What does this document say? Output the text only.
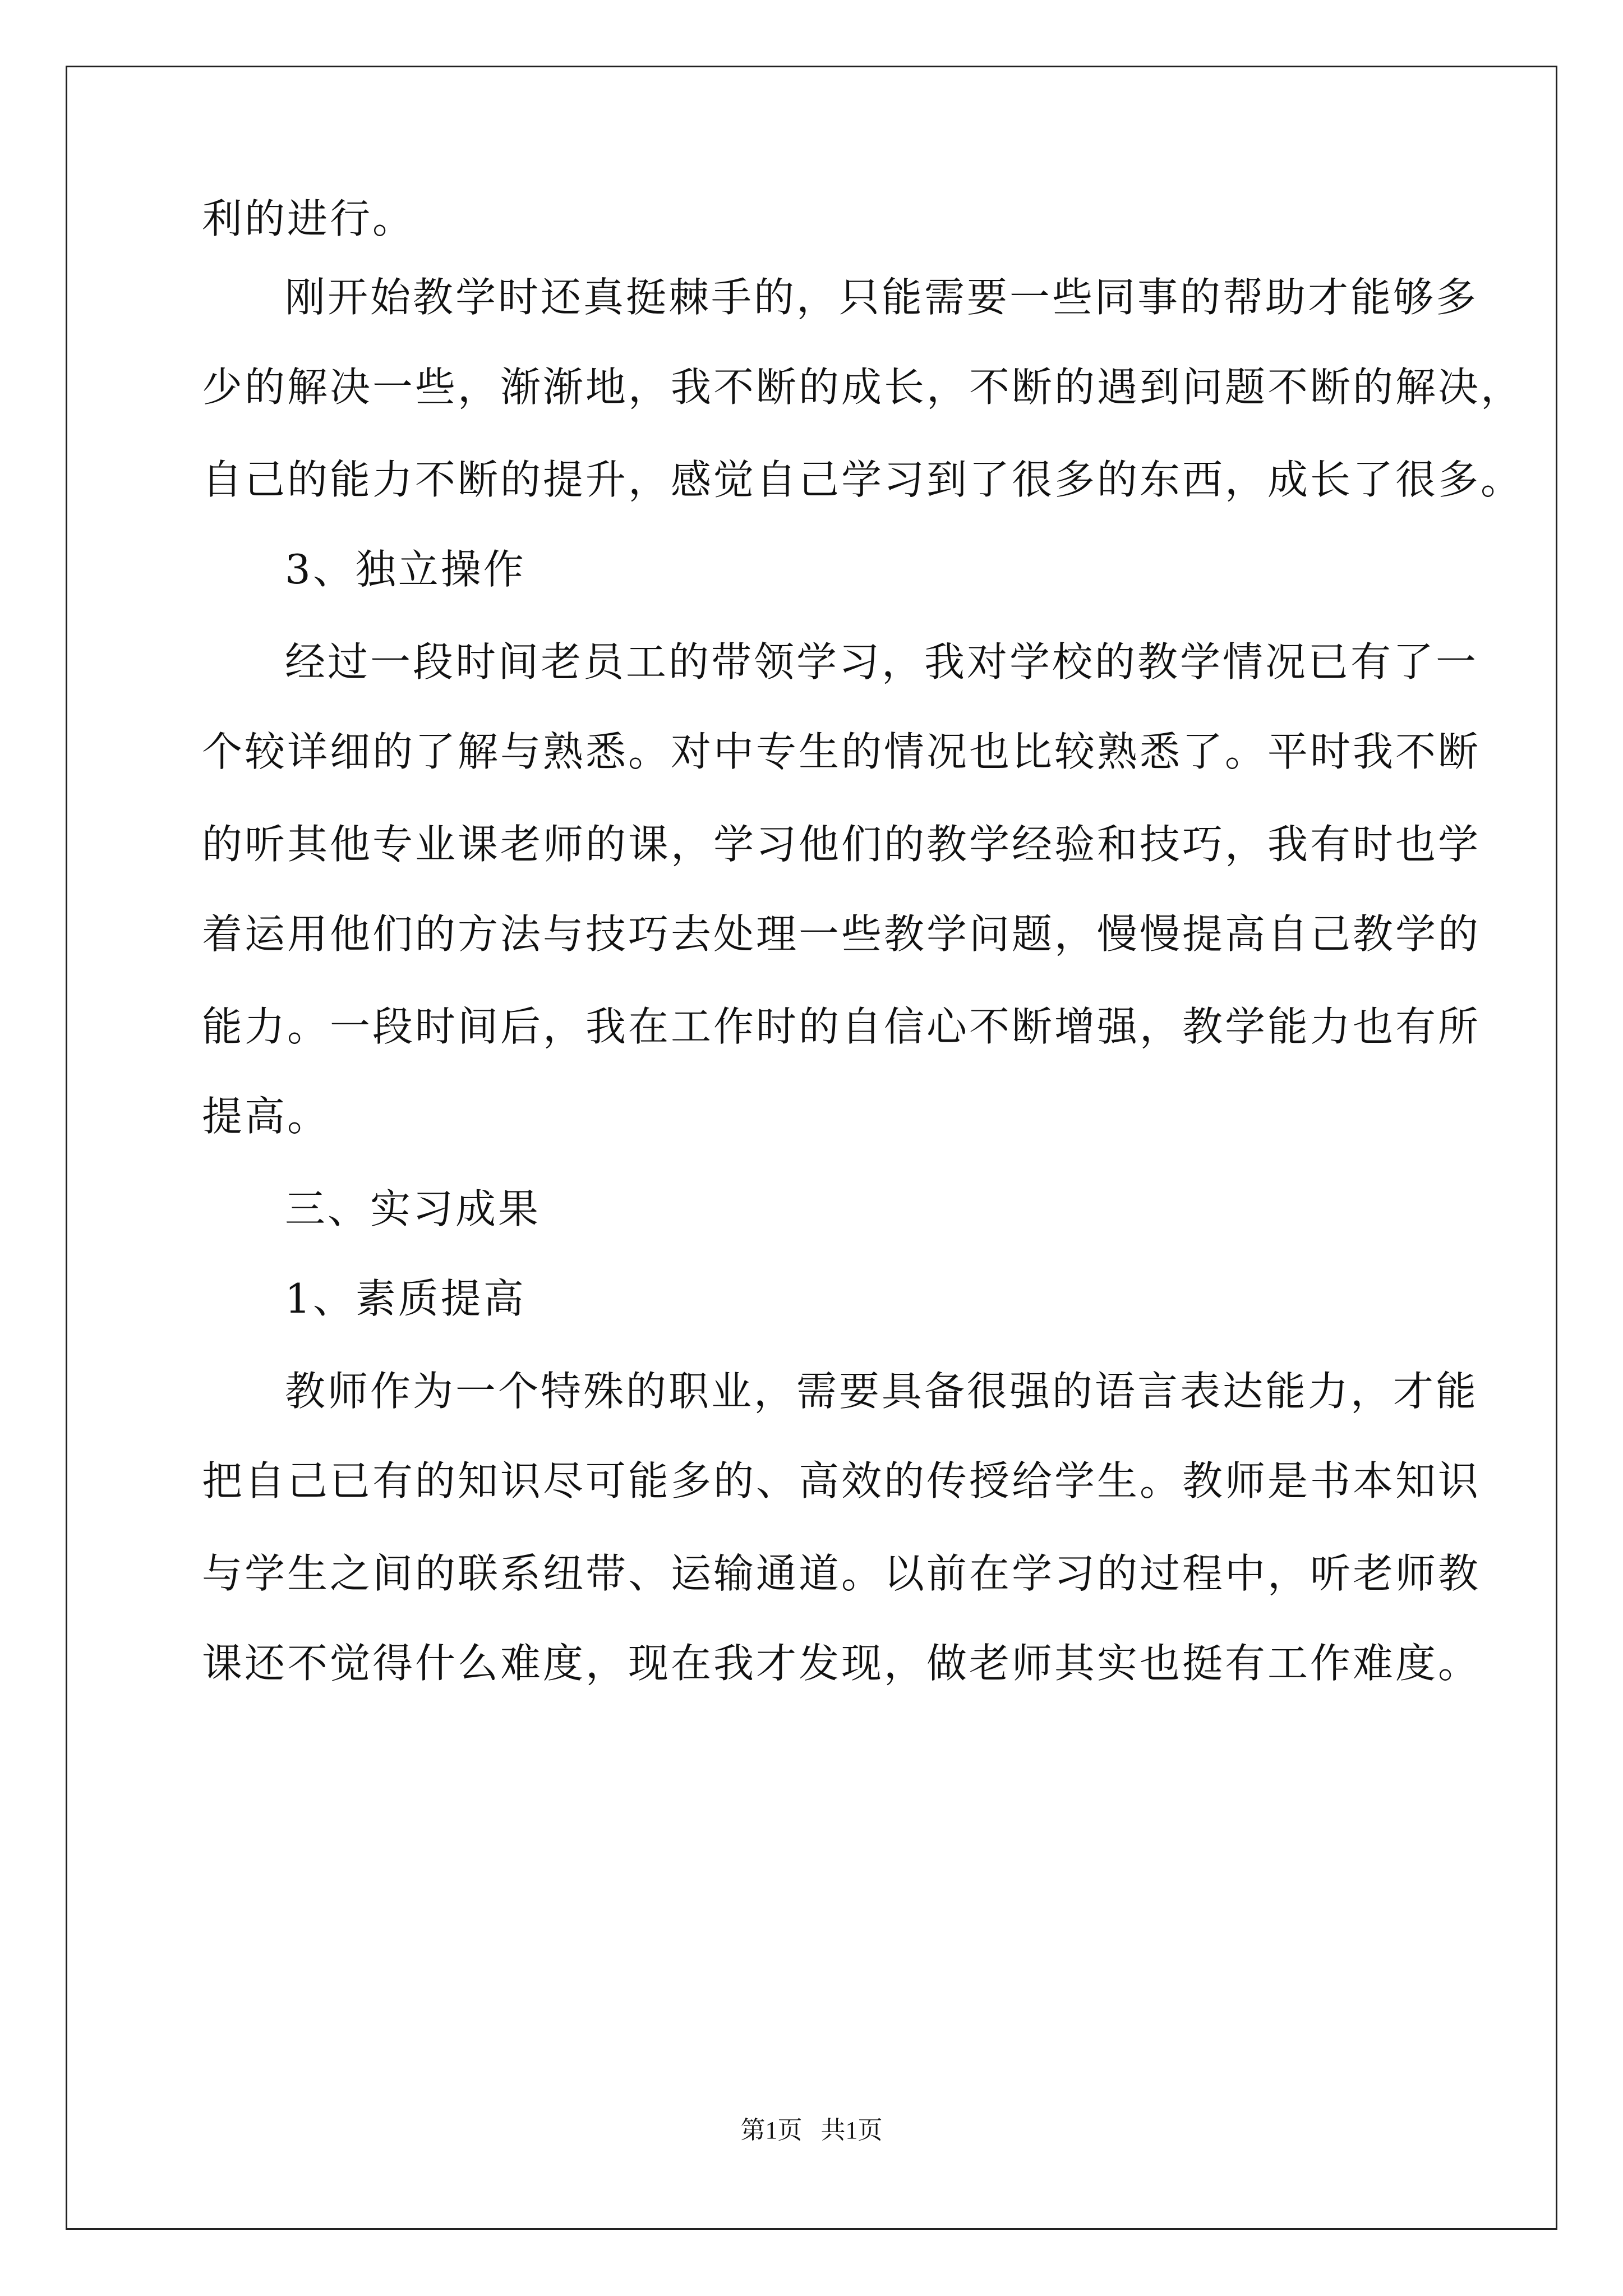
利的进行。
刚开始教学时还真挺棘手的，只能需要一些同事的帮助才能够多
少的解决一些，渐渐地，我不断的成长，不断的遇到问题不断的解决，
自己的能力不断的提升，感觉自己学习到了很多的东西，成长了很多。
3、独立操作
经过一段时间老员工的带领学习，我对学校的教学情况已有了一
个较详细的了解与熟悉。对中专生的情况也比较熟悉了。平时我不断
的听其他专业课老师的课，学习他们的教学经验和技巧，我有时也学
着运用他们的方法与技巧去处理一些教学问题，慢慢提高自己教学的
能力。一段时间后，我在工作时的自信心不断增强，教学能力也有所
提高。
三、实习成果
1、素质提高
教师作为一个特殊的职业，需要具备很强的语言表达能力，才能
把自己已有的知识尽可能多的、高效的传授给学生。教师是书本知识
与学生之间的联系纽带、运输通道。以前在学习的过程中，听老师教
课还不觉得什么难度，现在我才发现，做老师其实也挺有工作难度。
第1页   共1页
